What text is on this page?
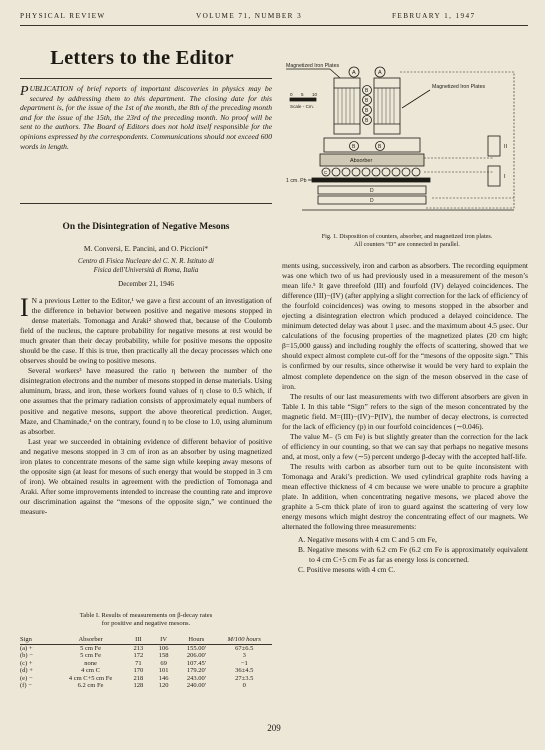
PHYSICAL REVIEW	VOLUME 71, NUMBER 3	FEBRUARY 1, 1947
Letters to the Editor
PUBLICATION of brief reports of important discoveries in physics may be secured by addressing them to this department. The closing date for this department is, for the issue of the 1st of the month, the 8th of the preceding month and for the issue of the 15th, the 23rd of the preceding month. No proof will be sent to the authors. The Board of Editors does not hold itself responsible for the opinions expressed by the correspondents. Communications should not exceed 600 words in length.
Magnetized Iron Plates
0 5 10
Scale - Cm.
A	A
B
B
B
B
Magnetized Iron Plates
B	B
Absorber
C
1 cm. Pb
D
D
II
I
Fig. 1. Disposition of counters, absorber, and magnetized iron plates.
All counters “D” are connected in parallel.
On the Disintegration of Negative Mesons
M. Conversi, E. Pancini, and O. Piccioni*
Centro di Fisica Nucleare del C. N. R. Istituto di
Fisica dell'Università di Roma, Italia
December 21, 1946

I N a previous Letter to the Editor,¹ we gave a first account of an investigation of the difference in behavior between positive and negative mesons stopped in dense materials. Tomonaga and Araki² showed that, because of the Coulomb field of the nucleus, the capture probability for negative mesons at rest would be much greater than their decay probability, while for positive mesons the opposite should be the case. If this is true, then practically all the decay processes which one observes should be owing to positive mesons.

Several workers³ have measured the ratio η between the number of the disintegration electrons and the number of mesons stopped in dense materials. Using aluminum, brass, and iron, these workers found values of η close to 0.5 which, if one assumes that the primary radiation consists of approximately equal numbers of positive and negative mesons, support the above theoretical prediction. Auger, Maze, and Chaminade,⁴ on the contrary, found η to be close to 1.0, using aluminum as absorber.

Last year we succeeded in obtaining evidence of different behavior of positive and negative mesons stopped in 3 cm of iron as an absorber by using magnetized iron plates to concentrate mesons of the same sign while keeping away mesons of the opposite sign (at least for mesons of such energy that would be stopped in 3 cm of iron). We obtained results in agreement with the prediction of Tomonaga and Araki. After some improvements intended to increase the counting rate and improve our discrimination against the “mesons of the opposite sign,” we continued the measure-

Table I. Results of measurements on β-decay rates
for positive and negative mesons.
Sign	Absorber	III	IV	Hours	M/100 hours
(a) +	5 cm Fe	213	106	155.00'	67±6.5
(b) −	5 cm Fe	172	158	206.00'	3
(c) +	none	71	69	107.45'	−1
(d) +	4 cm C	170	101	179.20'	36±4.5
(e) −	4 cm C+5 cm Fe	218	146	243.00'	27±3.5
(f) −	6.2 cm Fe	128	120	240.00'	0

ments using, successively, iron and carbon as absorbers. The recording equipment was one which two of us had previously used in a measurement of the meson’s mean life.⁵ It gave threefold (III) and fourfold (IV) delayed coincidences. The difference (III)−(IV) (after applying a slight correction for the lack of efficiency of the fourfold coincidences) was owing to mesons stopped in the absorber and ejecting a disintegration electron which produced a delayed coincidence. The minimum detected delay was about 1 μsec. and the maximum about 4.5 μsec. Our calculations of the focusing properties of the magnetized plates (20 cm high; β=15,000 gauss) and including roughly the effects of scattering, showed that we should expect almost complete cut-off for the “mesons of the opposite sign.” This is confirmed by our results, since otherwise it would be very hard to explain the almost complete dependence on the sign of the meson observed in the case of iron.

The results of our last measurements with two different absorbers are given in Table I. In this table “Sign” refers to the sign of the meson concentrated by the magnetic field. M=(III)−(IV)−P(IV), the number of decay electrons, is corrected for the lack of efficiency (p) in our fourfold coincidences (∼0.046).

The value M₋ (5 cm Fe) is but slightly greater than the correction for the lack of efficiency in our counting, so that we can say that perhaps no negative mesons and, at most, only a few (∼5) percent undergo β-decay with the accepted half-life.

The results with carbon as absorber turn out to be quite inconsistent with Tomonaga and Araki’s prediction. We used cylindrical graphite rods having a mean effective thickness of 4 cm because we were unable to procure a graphite plate. In addition, when concentrating negative mesons, we placed above the graphite a 5-cm thick plate of iron to guard against the scattering of very low energy mesons which might destroy the concentrating effect of our magnets. We alternated the following three measurements:

A. Negative mesons with 4 cm C and 5 cm Fe,
B. Negative mesons with 6.2 cm Fe (6.2 cm Fe is approximately equivalent to 4 cm C+5 cm Fe as far as energy loss is concerned.
C. Positive mesons with 4 cm C.
209
